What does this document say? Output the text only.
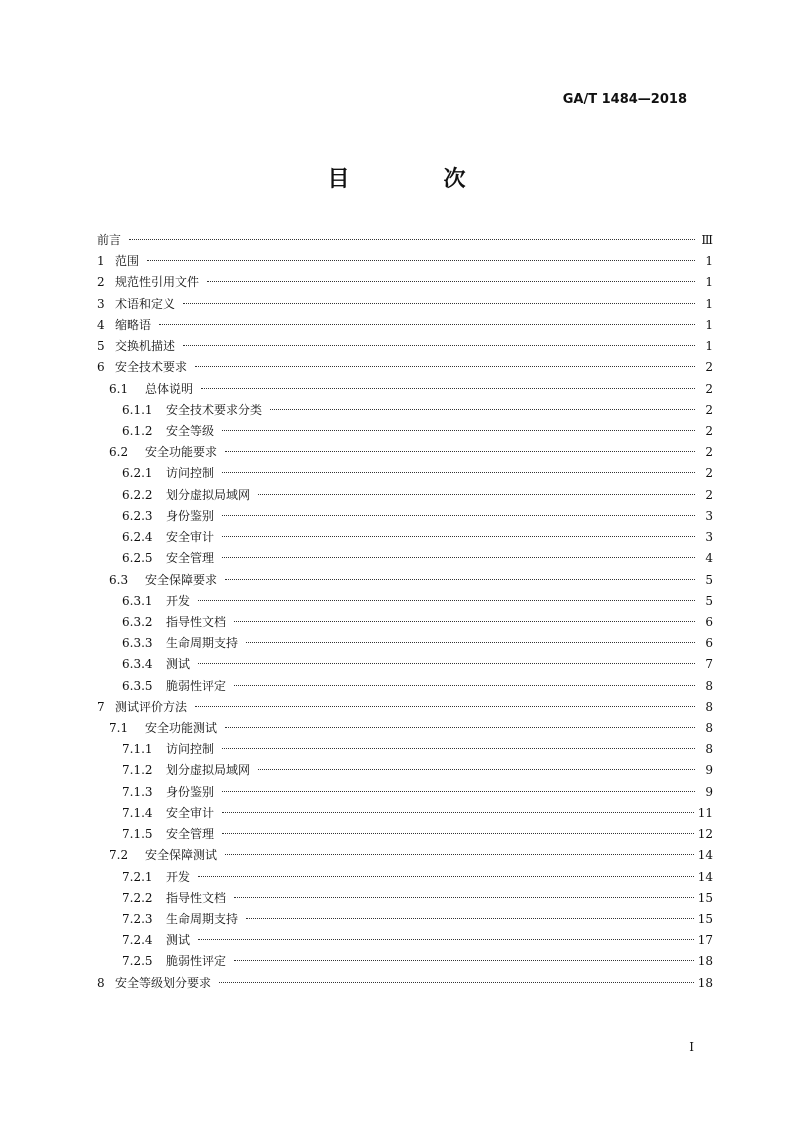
GA/T 1484—2018
目　次
前言	Ⅲ
1 范围	1
2 规范性引用文件	1
3 术语和定义	1
4 缩略语	1
5 交换机描述	1
6 安全技术要求	2
6.1	总体说明	2
6.1.1	安全技术要求分类	2
6.1.2	安全等级	2
6.2	安全功能要求	2
6.2.1	访问控制	2
6.2.2	划分虚拟局域网	2
6.2.3	身份鉴别	3
6.2.4	安全审计	3
6.2.5	安全管理	4
6.3	安全保障要求	5
6.3.1	开发	5
6.3.2	指导性文档	6
6.3.3	生命周期支持	6
6.3.4	测试	7
6.3.5	脆弱性评定	8
7 测试评价方法	8
7.1	安全功能测试	8
7.1.1	访问控制	8
7.1.2	划分虚拟局域网	9
7.1.3	身份鉴别	9
7.1.4	安全审计	11
7.1.5	安全管理	12
7.2	安全保障测试	14
7.2.1	开发	14
7.2.2	指导性文档	15
7.2.3	生命周期支持	15
7.2.4	测试	17
7.2.5	脆弱性评定	18
8 安全等级划分要求	18
I
